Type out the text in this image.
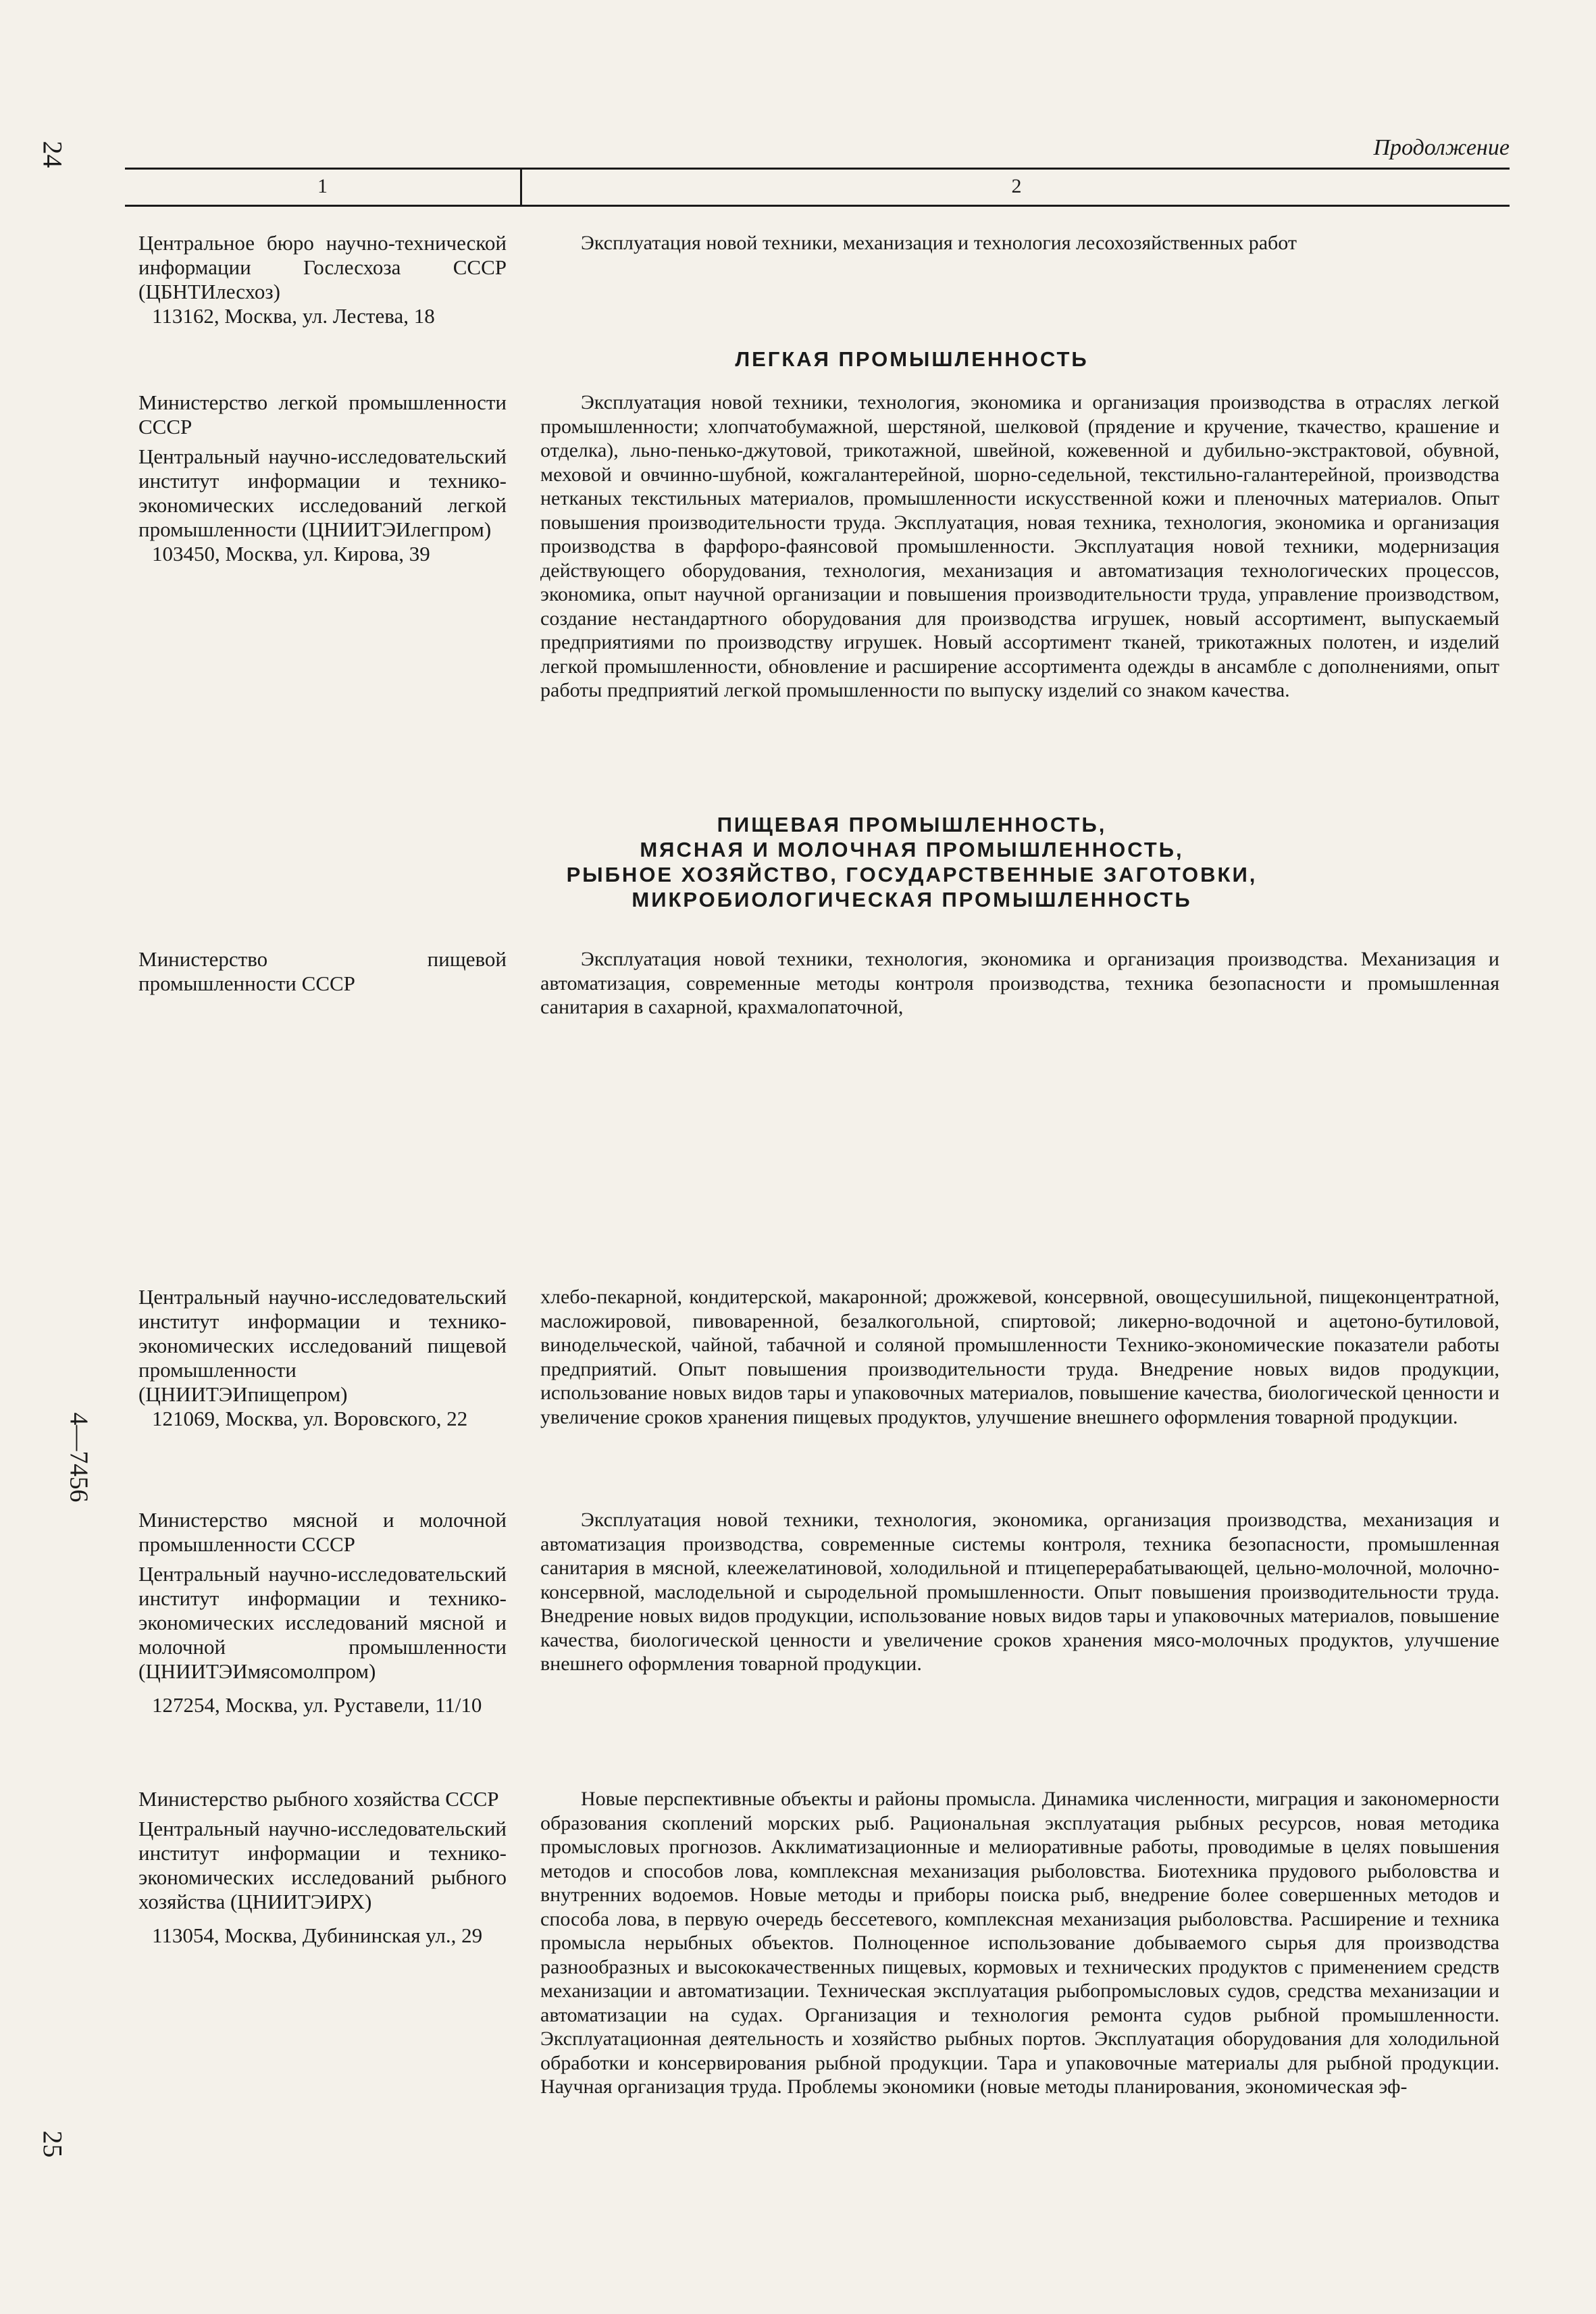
24
4—7456
25
Продолжение
1	2

Центральное бюро научно-технической информации Гослесхоза СССР (ЦБНТИлесхоз)

113162, Москва, ул. Лестева, 18

Эксплуатация новой техники, механизация и технология лесохозяйственных работ
ЛЕГКАЯ ПРОМЫШЛЕННОСТЬ

Министерство легкой промышленности СССР

Центральный научно-исследовательский институт информации и технико-экономических исследований легкой промышленности (ЦНИИТЭИлегпром)

103450, Москва, ул. Кирова, 39

Эксплуатация новой техники, технология, экономика и организация производства в отраслях легкой промышленности; хлопчатобумажной, шерстяной, шелковой (прядение и кручение, ткачество, крашение и отделка), льно-пенько-джутовой, трикотажной, швейной, кожевенной и дубильно-экстрактовой, обувной, меховой и овчинно-шубной, кожгалантерейной, шорно-седельной, текстильно-галантерейной, производства нетканых текстильных материалов, промышленности искусственной кожи и пленочных материалов. Опыт повышения производительности труда. Эксплуатация, новая техника, технология, экономика и организация производства в фарфоро-фаянсовой промышленности. Эксплуатация новой техники, модернизация действующего оборудования, технология, механизация и автоматизация технологических процессов, экономика, опыт научной организации и повышения производительности труда, управление производством, создание нестандартного оборудования для производства игрушек, новый ассортимент, выпускаемый предприятиями по производству игрушек. Новый ассортимент тканей, трикотажных полотен, и изделий легкой промышленности, обновление и расширение ассортимента одежды в ансамбле с дополнениями, опыт работы предприятий легкой промышленности по выпуску изделий со знаком качества.
ПИЩЕВАЯ ПРОМЫШЛЕННОСТЬ,
МЯСНАЯ И МОЛОЧНАЯ ПРОМЫШЛЕННОСТЬ,
РЫБНОЕ ХОЗЯЙСТВО, ГОСУДАРСТВЕННЫЕ ЗАГОТОВКИ,
МИКРОБИОЛОГИЧЕСКАЯ ПРОМЫШЛЕННОСТЬ
Министерство пищевой промышленности СССР
Эксплуатация новой техники, технология, экономика и организация производства. Механизация и автоматизация, современные методы контроля производства, техника безопасности и промышленная санитария в сахарной, крахмалопаточной,

Центральный научно-исследовательский институт информации и технико-экономических исследований пищевой промышленности (ЦНИИТЭИпищепром)

121069, Москва, ул. Воровского, 22

хлебо-пекарной, кондитерской, макаронной; дрожжевой, консервной, овощесушильной, пищеконцентратной, масложировой, пивоваренной, безалкогольной, спиртовой; ликерно-водочной и ацетоно-бутиловой, винодельческой, чайной, табачной и соляной промышленности Технико-экономические показатели работы предприятий. Опыт повышения производительности труда. Внедрение новых видов продукции, использование новых видов тары и упаковочных материалов, повышение качества, биологической ценности и увеличение сроков хранения пищевых продуктов, улучшение внешнего оформления товарной продукции.

Министерство мясной и молочной промышленности СССР

Центральный научно-исследовательский институт информации и технико-экономических исследований мясной и молочной промышленности (ЦНИИТЭИмясомолпром)

127254, Москва, ул. Руставели, 11/10

Эксплуатация новой техники, технология, экономика, организация производства, механизация и автоматизация производства, современные системы контроля, техника безопасности, промышленная санитария в мясной, клеежелатиновой, холодильной и птицеперерабатывающей, цельно-молочной, молочно-консервной, маслодельной и сыродельной промышленности. Опыт повышения производительности труда. Внедрение новых видов продукции, использование новых видов тары и упаковочных материалов, повышение качества, биологической ценности и увеличение сроков хранения мясо-молочных продуктов, улучшение внешнего оформления товарной продукции.

Министерство рыбного хозяйства СССР

Центральный научно-исследовательский институт информации и технико-экономических исследований рыбного хозяйства (ЦНИИТЭИРХ)

113054, Москва, Дубининская ул., 29

Новые перспективные объекты и районы промысла. Динамика численности, миграция и закономерности образования скоплений морских рыб. Рациональная эксплуатация рыбных ресурсов, новая методика промысловых прогнозов. Акклиматизационные и мелиоративные работы, проводимые в целях повышения методов и способов лова, комплексная механизация рыболовства. Биотехника прудового рыболовства и внутренних водоемов. Новые методы и приборы поиска рыб, внедрение более совершенных методов и способа лова, в первую очередь бессетевого, комплексная механизация рыболовства. Расширение и техника промысла нерыбных объектов. Полноценное использование добываемого сырья для производства разнообразных и высококачественных пищевых, кормовых и технических продуктов с применением средств механизации и автоматизации. Техническая эксплуатация рыбопромысловых судов, средства механизации и автоматизации на судах. Организация и технология ремонта судов рыбной промышленности. Эксплуатационная деятельность и хозяйство рыбных портов. Эксплуатация оборудования для холодильной обработки и консервирования рыбной продукции. Тара и упаковочные материалы для рыбной продукции. Научная организация труда. Проблемы экономики (новые методы планирования, экономическая эф-
